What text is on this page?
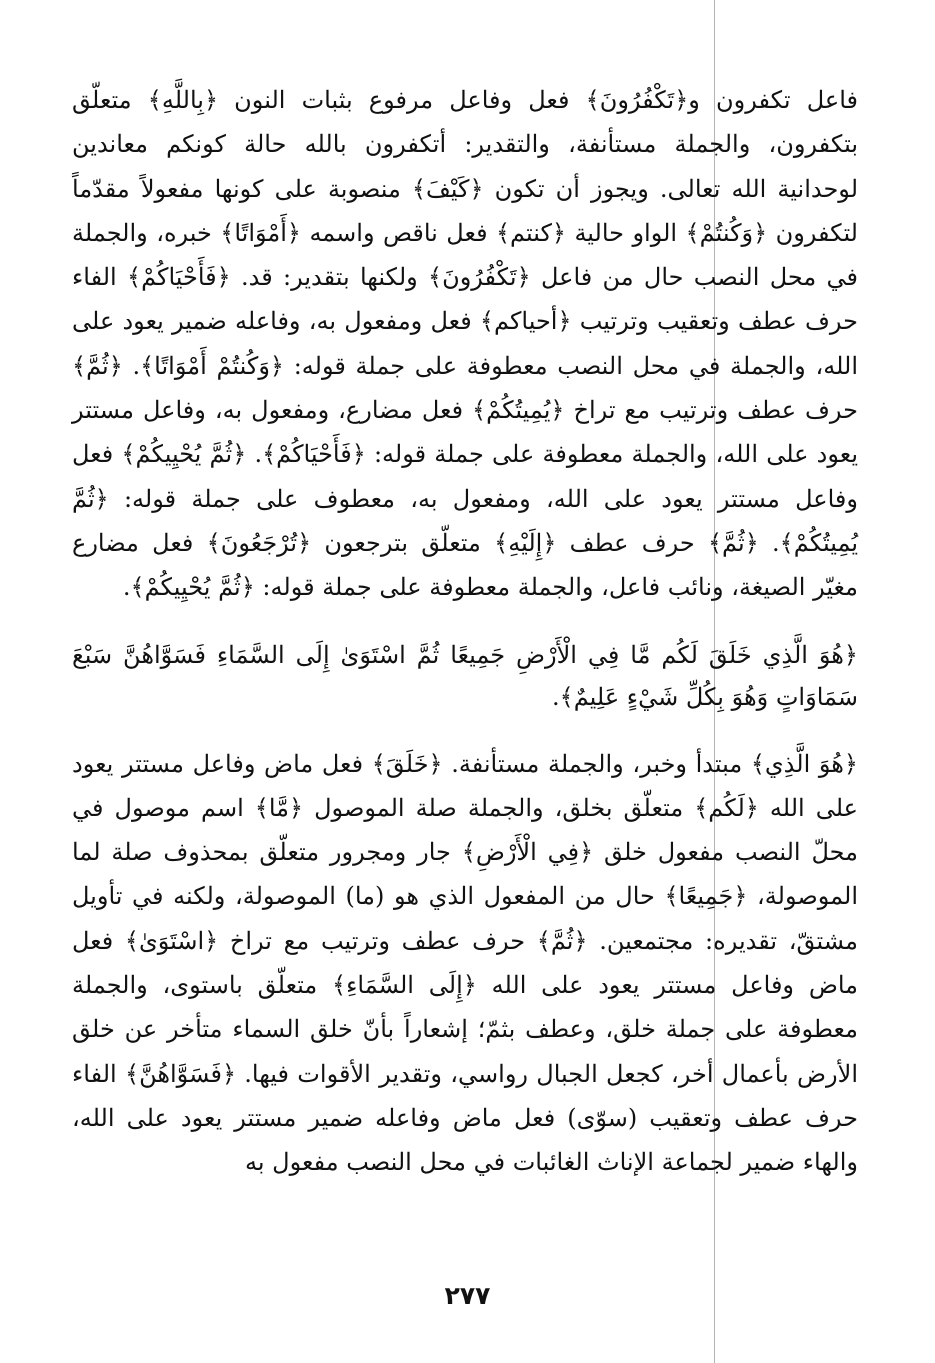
فاعل تكفرون و﴿تَكْفُرُونَ﴾ فعل وفاعل مرفوع بثبات النون ﴿بِاللَّهِ﴾ متعلّق بتكفرون، والجملة مستأنفة، والتقدير: أتكفرون بالله حالة كونكم معاندين لوحدانية الله تعالى. ويجوز أن تكون ﴿كَيْفَ﴾ منصوبة على كونها مفعولاً مقدّماً لتكفرون ﴿وَكُنتُمْ﴾ الواو حالية ﴿كنتم﴾ فعل ناقص واسمه ﴿أَمْوَاتًا﴾ خبره، والجملة في محل النصب حال من فاعل ﴿تَكْفُرُونَ﴾ ولكنها بتقدير: قد. ﴿فَأَحْيَاكُمْ﴾ الفاء حرف عطف وتعقيب وترتيب ﴿أحياكم﴾ فعل ومفعول به، وفاعله ضمير يعود على الله، والجملة في محل النصب معطوفة على جملة قوله: ﴿وَكُنتُمْ أَمْوَاتًا﴾. ﴿ثُمَّ﴾ حرف عطف وترتيب مع تراخ ﴿يُمِيتُكُمْ﴾ فعل مضارع، ومفعول به، وفاعل مستتر يعود على الله، والجملة معطوفة على جملة قوله: ﴿فَأَحْيَاكُمْ﴾. ﴿ثُمَّ يُحْيِيكُمْ﴾ فعل وفاعل مستتر يعود على الله، ومفعول به، معطوف على جملة قوله: ﴿ثُمَّ يُمِيتُكُمْ﴾. ﴿ثُمَّ﴾ حرف عطف ﴿إِلَيْهِ﴾ متعلّق بترجعون ﴿تُرْجَعُونَ﴾ فعل مضارع مغيّر الصيغة، ونائب فاعل، والجملة معطوفة على جملة قوله: ﴿ثُمَّ يُحْيِيكُمْ﴾.

﴿هُوَ الَّذِي خَلَقَ لَكُم مَّا فِي الْأَرْضِ جَمِيعًا ثُمَّ اسْتَوَىٰ إِلَى السَّمَاءِ فَسَوَّاهُنَّ سَبْعَ سَمَاوَاتٍ وَهُوَ بِكُلِّ شَيْءٍ عَلِيمٌ﴾.

﴿هُوَ الَّذِي﴾ مبتدأ وخبر، والجملة مستأنفة. ﴿خَلَقَ﴾ فعل ماض وفاعل مستتر يعود على الله ﴿لَكُم﴾ متعلّق بخلق، والجملة صلة الموصول ﴿مَّا﴾ اسم موصول في محلّ النصب مفعول خلق ﴿فِي الْأَرْضِ﴾ جار ومجرور متعلّق بمحذوف صلة لما الموصولة، ﴿جَمِيعًا﴾ حال من المفعول الذي هو (ما) الموصولة، ولكنه في تأويل مشتقّ، تقديره: مجتمعين. ﴿ثُمَّ﴾ حرف عطف وترتيب مع تراخ ﴿اسْتَوَىٰ﴾ فعل ماض وفاعل مستتر يعود على الله ﴿إِلَى السَّمَاءِ﴾ متعلّق باستوى، والجملة معطوفة على جملة خلق، وعطف بثمّ؛ إشعاراً بأنّ خلق السماء متأخر عن خلق الأرض بأعمال أخر، كجعل الجبال رواسي، وتقدير الأقوات فيها. ﴿فَسَوَّاهُنَّ﴾ الفاء حرف عطف وتعقيب (سوّى) فعل ماض وفاعله ضمير مستتر يعود على الله، والهاء ضمير لجماعة الإناث الغائبات في محل النصب مفعول به

٢٧٧
